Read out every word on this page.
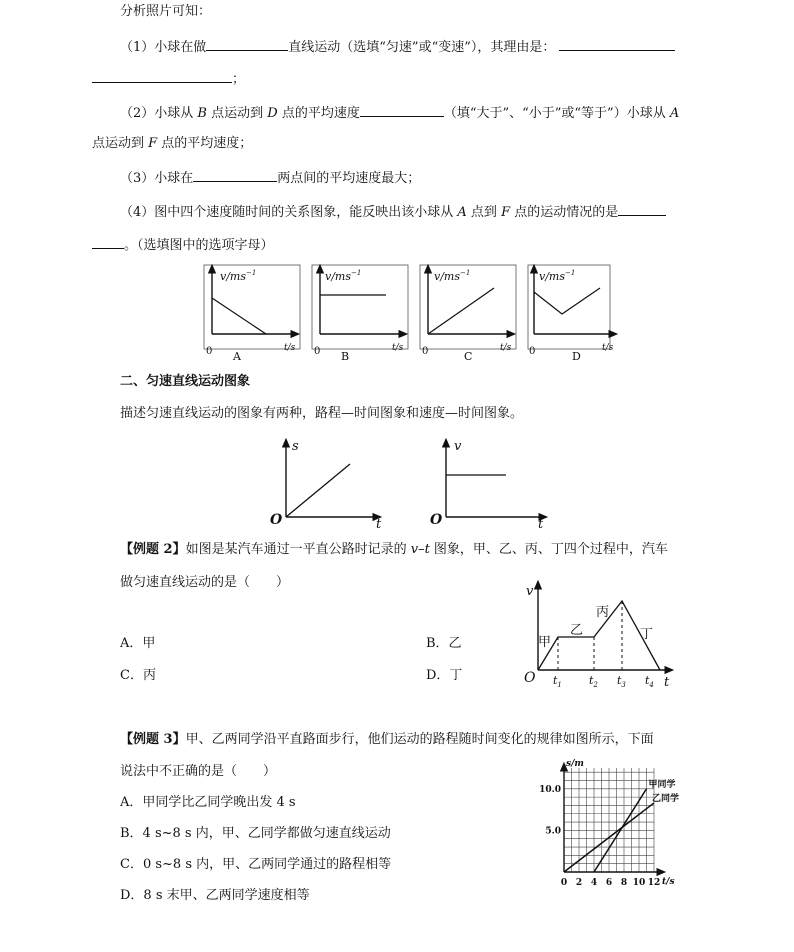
分析照片可知：
（1）小球在做	直线运动（选填“匀速”或“变速”），其理由是：
；
（2）小球从 B 点运动到 D 点的平均速度	（填“大于”、“小于”或“等于”）小球从 A
点运动到 F 点的平均速度；
（3）小球在	两点间的平均速度最大；
（4）图中四个速度随时间的关系图象，能反映出该小球从 A 点到 F 点的运动情况的是
。（选填图中的选项字母）
$v/ms^{-1}$
t/s
0 A
$v/ms^{-1}$
t/s
0 B
$v/ms^{-1}$
t/s
0	C
$v/ms^{-1}$
t/s
0	D
二、匀速直线运动图象
描述匀速直线运动的图象有两种，路程—时间图象和速度—时间图象。
s
t
O
v
t
O
【例题 2】如图是某汽车通过一平直公路时记录的 v–t 图象，甲、乙、丙、丁四个过程中，汽车
做匀速直线运动的是（　　）
A．甲	B．乙
C．丙	D．丁
v
t
O
甲
乙
丙
丁
$t_1$ $t_2$ $t_3$ $t_4$
【例题 3】甲、乙两同学沿平直路面步行，他们运动的路程随时间变化的规律如图所示，下面
说法中不正确的是（　　）
A．甲同学比乙同学晚出发 4 s
B．4 s~8 s 内，甲、乙同学都做匀速直线运动
C．0 s~8 s 内，甲、乙两同学通过的路程相等
D．8 s 末甲、乙两同学速度相等
s/m
t/s
0 2 4 6 8 10 12
5.0
10.0	甲同学
乙同学
